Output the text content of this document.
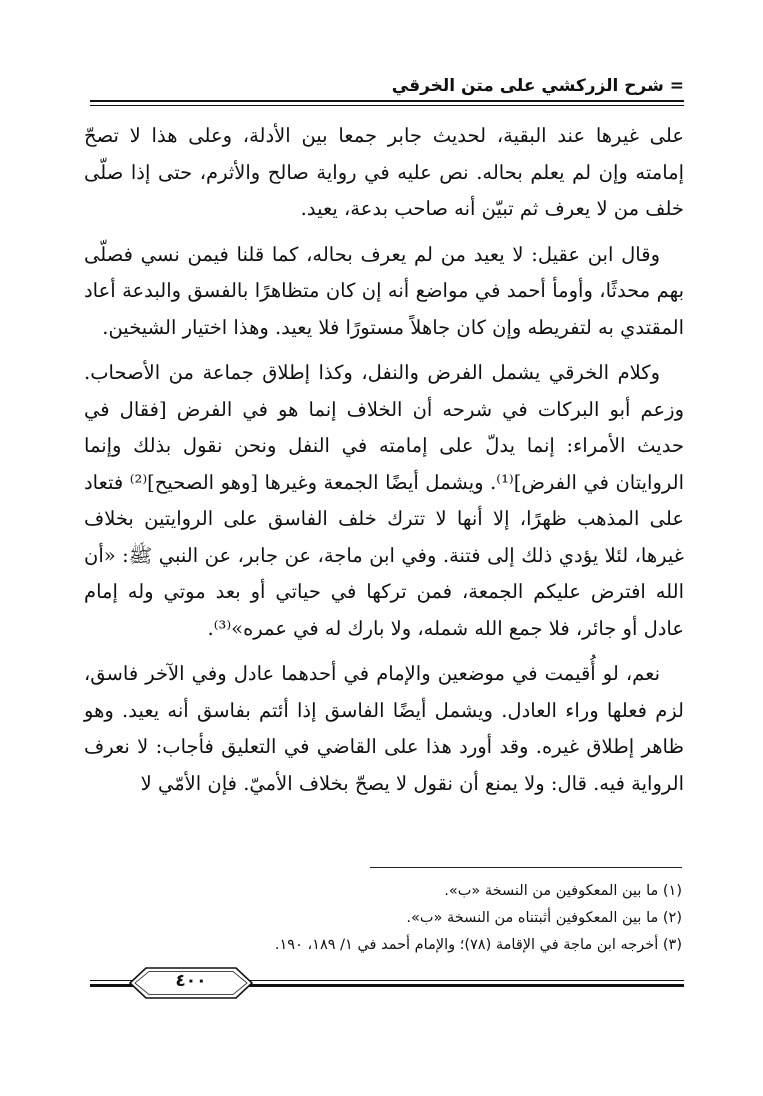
= شرح الزركشي على متن الخرقي

على غيرها عند البقية، لحديث جابر جمعا بين الأدلة، وعلى هذا لا تصحّ إمامته وإن لم يعلم بحاله. نص عليه في رواية صالح والأثرم، حتى إذا صلّى خلف من لا يعرف ثم تبيّن أنه صاحب بدعة، يعيد.

وقال ابن عقيل: لا يعيد من لم يعرف بحاله، كما قلنا فيمن نسي فصلّى بهم محدثًا، وأومأ أحمد في مواضع أنه إن كان متظاهرًا بالفسق والبدعة أعاد المقتدي به لتفريطه وإن كان جاهلاً مستورًا فلا يعيد. وهذا اختيار الشيخين.

وكلام الخرقي يشمل الفرض والنفل، وكذا إطلاق جماعة من الأصحاب. وزعم أبو البركات في شرحه أن الخلاف إنما هو في الفرض [فقال في حديث الأمراء: إنما يدلّ على إمامته في النفل ونحن نقول بذلك وإنما الروايتان في الفرض]⁽¹⁾. ويشمل أيضًا الجمعة وغيرها [وهو الصحيح]⁽²⁾ فتعاد على المذهب ظهرًا، إلا أنها لا تترك خلف الفاسق على الروايتين بخلاف غيرها، لئلا يؤدي ذلك إلى فتنة. وفي ابن ماجة، عن جابر، عن النبي ﷺ: «أن الله افترض عليكم الجمعة، فمن تركها في حياتي أو بعد موتي وله إمام عادل أو جائر، فلا جمع الله شمله، ولا بارك له في عمره»⁽³⁾.

نعم، لو أُقيمت في موضعين والإمام في أحدهما عادل وفي الآخر فاسق، لزم فعلها وراء العادل. ويشمل أيضًا الفاسق إذا أئتم بفاسق أنه يعيد. وهو ظاهر إطلاق غيره. وقد أورد هذا على القاضي في التعليق فأجاب: لا نعرف الرواية فيه. قال: ولا يمنع أن نقول لا يصحّ بخلاف الأميّ. فإن الأمّي لا

(١) ما بين المعكوفين من النسخة «ب».
(٢) ما بين المعكوفين أثبتناه من النسخة «ب».
(٣) أخرجه ابن ماجة في الإقامة (٧٨)؛ والإمام أحمد في ١/ ١٨٩، ١٩٠.
٤٠٠
